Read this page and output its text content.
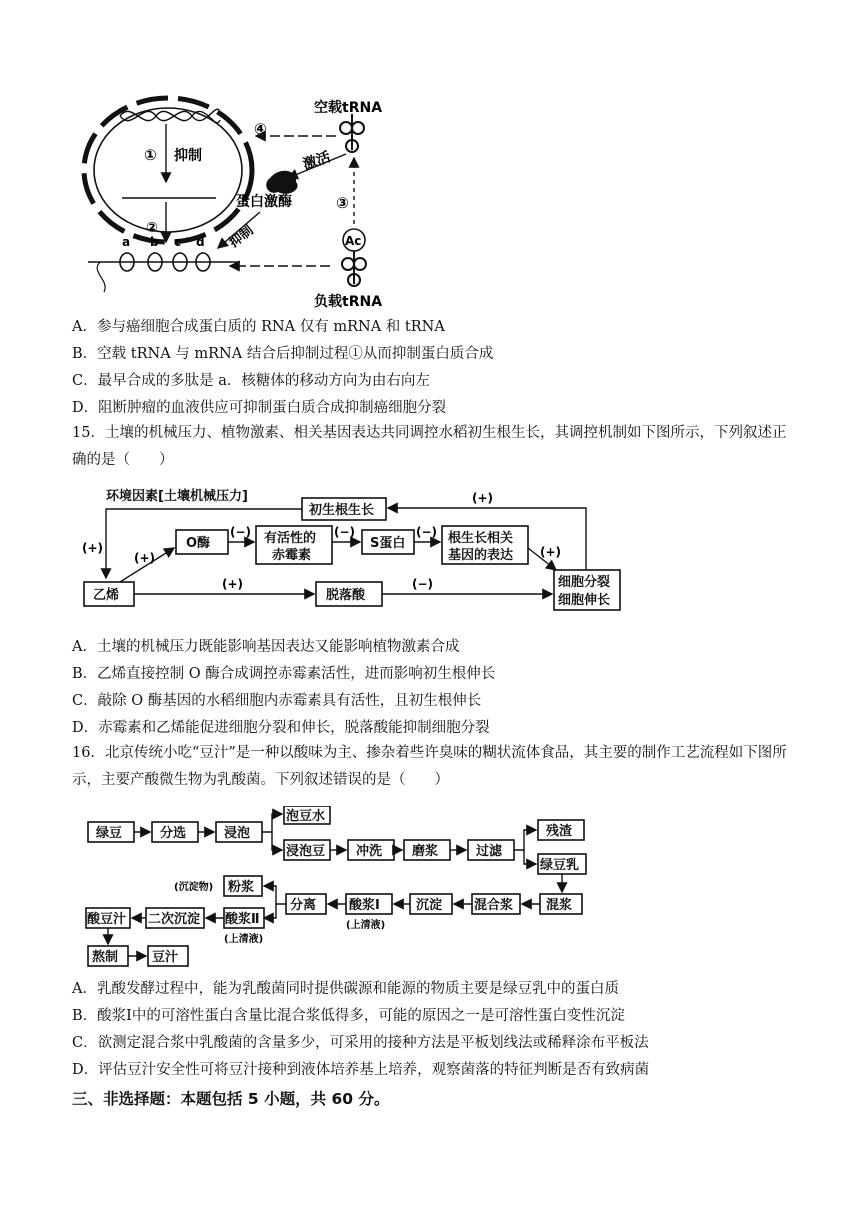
① 抑制
②
a b c d
空载tRNA
④
激活
蛋白激酶
抑制
③
Ac
负载tRNA
A．参与癌细胞合成蛋白质的 RNA 仅有 mRNA 和 tRNA
B．空载 tRNA 与 mRNA 结合后抑制过程①从而抑制蛋白质合成
C．最早合成的多肽是 a．核糖体的移动方向为由右向左
D．阻断肿瘤的血液供应可抑制蛋白质合成抑制癌细胞分裂
15．土壤的机械压力、植物激素、相关基因表达共同调控水稻初生根生长，其调控机制如下图所示，下列叙述正确的是（　　）
环境因素[土壤机械压力]
初生根生长
(+)
(+)
乙烯
O酶
(+)
有活性的
赤霉素
(−)
S蛋白
(−)	根生长相关
基因的表达
(−)
细胞分裂
细胞伸长
(+)
脱落酸
(+)	(−)
A．土壤的机械压力既能影响基因表达又能影响植物激素合成
B．乙烯直接控制 O 酶合成调控赤霉素活性，进而影响初生根伸长
C．敲除 O 酶基因的水稻细胞内赤霉素具有活性，且初生根伸长
D．赤霉素和乙烯能促进细胞分裂和伸长，脱落酸能抑制细胞分裂
16．北京传统小吃“豆汁”是一种以酸味为主、掺杂着些许臭味的糊状流体食品，其主要的制作工艺流程如下图所示，主要产酸微生物为乳酸菌。下列叙述错误的是（　　）
绿豆	分选	浸泡
泡豆水
浸泡豆 冲洗 磨浆	过滤
残渣
绿豆乳
混浆
混合浆
沉淀
酸浆Ⅰ
(上清液)
分离
粉浆
(沉淀物)
酸浆Ⅱ
(上清液)
二次沉淀
酸豆汁
熬制	豆汁
A．乳酸发酵过程中，能为乳酸菌同时提供碳源和能源的物质主要是绿豆乳中的蛋白质
B．酸浆I中的可溶性蛋白含量比混合浆低得多，可能的原因之一是可溶性蛋白变性沉淀
C．欲测定混合浆中乳酸菌的含量多少，可采用的接种方法是平板划线法或稀释涂布平板法
D．评估豆汁安全性可将豆汁接种到液体培养基上培养，观察菌落的特征判断是否有致病菌
三、非选择题：本题包括 5 小题，共 60 分。
